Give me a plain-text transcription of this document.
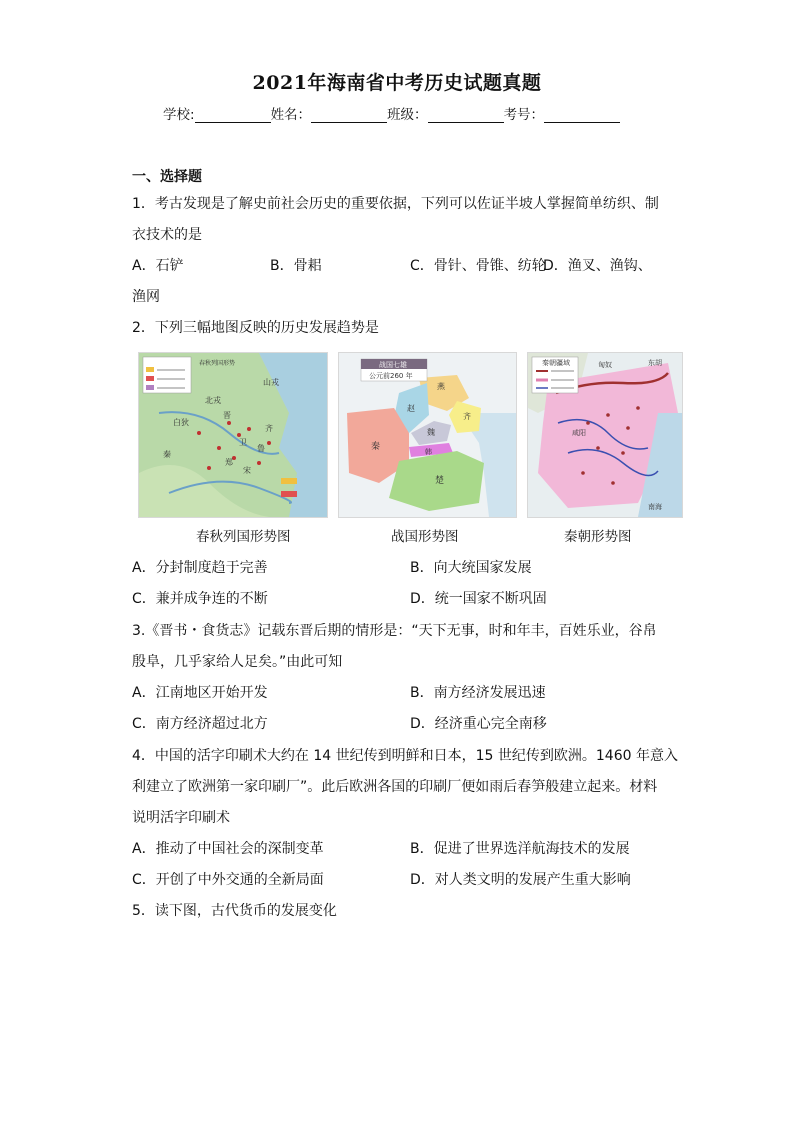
2021年海南省中考历史试题真题
学校:	姓名：	班级：	考号：
一、选择题
1．考古发现是了解史前社会历史的重要依据，下列可以佐证半坡人掌握简单纺织、制
衣技术的是
A．石铲	B．骨耜	C．骨针、骨锥、纺轮
D．渔叉、渔钩、
渔网
2．下列三幅地图反映的历史发展趋势是
春秋列国形势
山戎
北戎
白狄
晋
齐
鲁
郑
宋
卫
秦
战国七雄
公元前260 年
燕
赵
齐
魏
韩
秦
楚
秦朝疆域	匈奴	东胡
咸阳
南海
春秋列国形势图	战国形势图	秦朝形势图
A．分封制度趋于完善	B．向大统国家发展
C．兼并成争连的不断	D．统一国家不断巩固
3.《晋书・食货志》记载东晋后期的情形是：“天下无事，时和年丰，百姓乐业，谷帛
殷阜，几乎家给人足矣。”由此可知
A．江南地区开始开发	B．南方经济发展迅速
C．南方经济超过北方	D．经济重心完全南移
4．中国的活字印刷术大约在 14 世纪传到明鲜和日本，15 世纪传到欧洲。1460 年意入
利建立了欧洲第一家印刷厂”。此后欧洲各国的印刷厂便如雨后春笋般建立起来。材料
说明活字印刷术
A．推动了中国社会的深制变革	B．促进了世界选洋航海技术的发展
C．开创了中外交通的全新局面	D．对人类文明的发展产生重大影响
5．读下图，古代货币的发展变化
